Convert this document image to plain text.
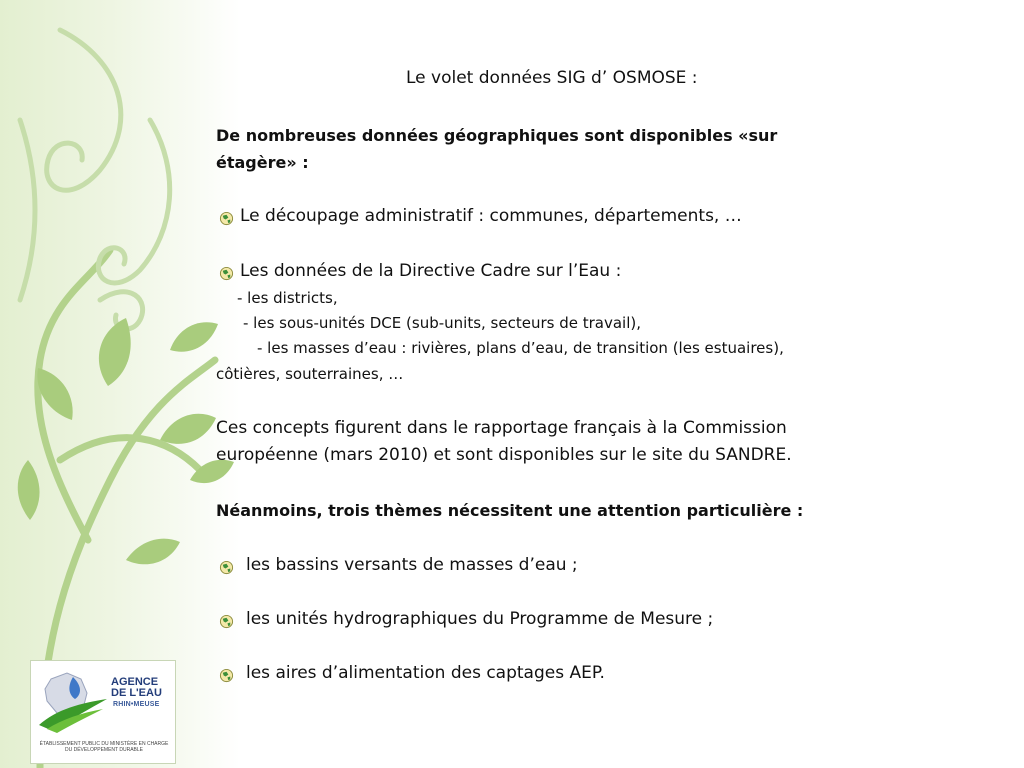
AGENCE
DE L'EAU
RHIN•MEUSE
ÉTABLISSEMENT PUBLIC DU MINISTÈRE EN CHARGE DU DÉVELOPPEMENT DURABLE
Le volet données SIG d’ OSMOSE :
De nombreuses données géographiques sont disponibles «sur
étagère» :
Le découpage administratif : communes, départements, …
Les données de la Directive Cadre sur l’Eau :
- les districts,
- les sous-unités DCE (sub-units, secteurs de travail),
- les masses d’eau : rivières, plans d’eau, de transition (les estuaires),
côtières, souterraines, …
Ces concepts figurent dans le rapportage français à la Commission
européenne (mars 2010) et sont disponibles sur le site du SANDRE.
Néanmoins, trois thèmes nécessitent une attention particulière :
les bassins versants de masses d’eau ;
les unités hydrographiques du Programme de Mesure ;
les aires d’alimentation des captages AEP.
